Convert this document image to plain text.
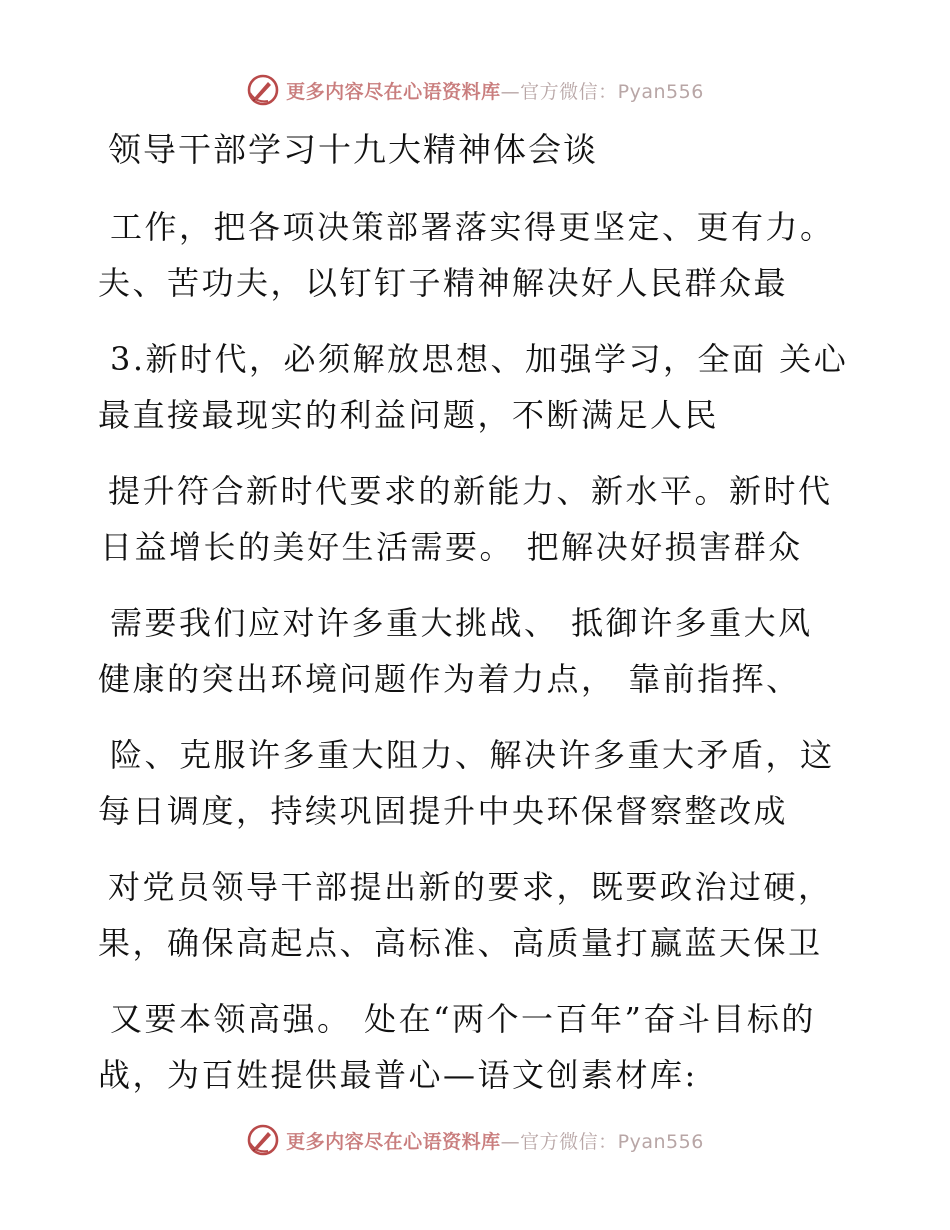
更多内容尽在心语资料库—官方微信：Pyan556
领导干部学习十九大精神体会谈
工作，把各项决策部署落实得更坚定、更有力。
夫、苦功夫，以钉钉子精神解决好人民群众最
3.新时代，必须解放思想、加强学习，全面 关心
最直接最现实的利益问题，不断满足人民
提升符合新时代要求的新能力、新水平。新时代
日益增长的美好生活需要。 把解决好损害群众
需要我们应对许多重大挑战、 抵御许多重大风
健康的突出环境问题作为着力点， 靠前指挥、
险、克服许多重大阻力、解决许多重大矛盾，这
每日调度，持续巩固提升中央环保督察整改成
对党员领导干部提出新的要求，既要政治过硬，
果，确保高起点、高标准、高质量打赢蓝天保卫
又要本领高强。 处在“两个一百年”奋斗目标的
战，为百姓提供最普心—语文创素材库:
更多内容尽在心语资料库—官方微信：Pyan556
